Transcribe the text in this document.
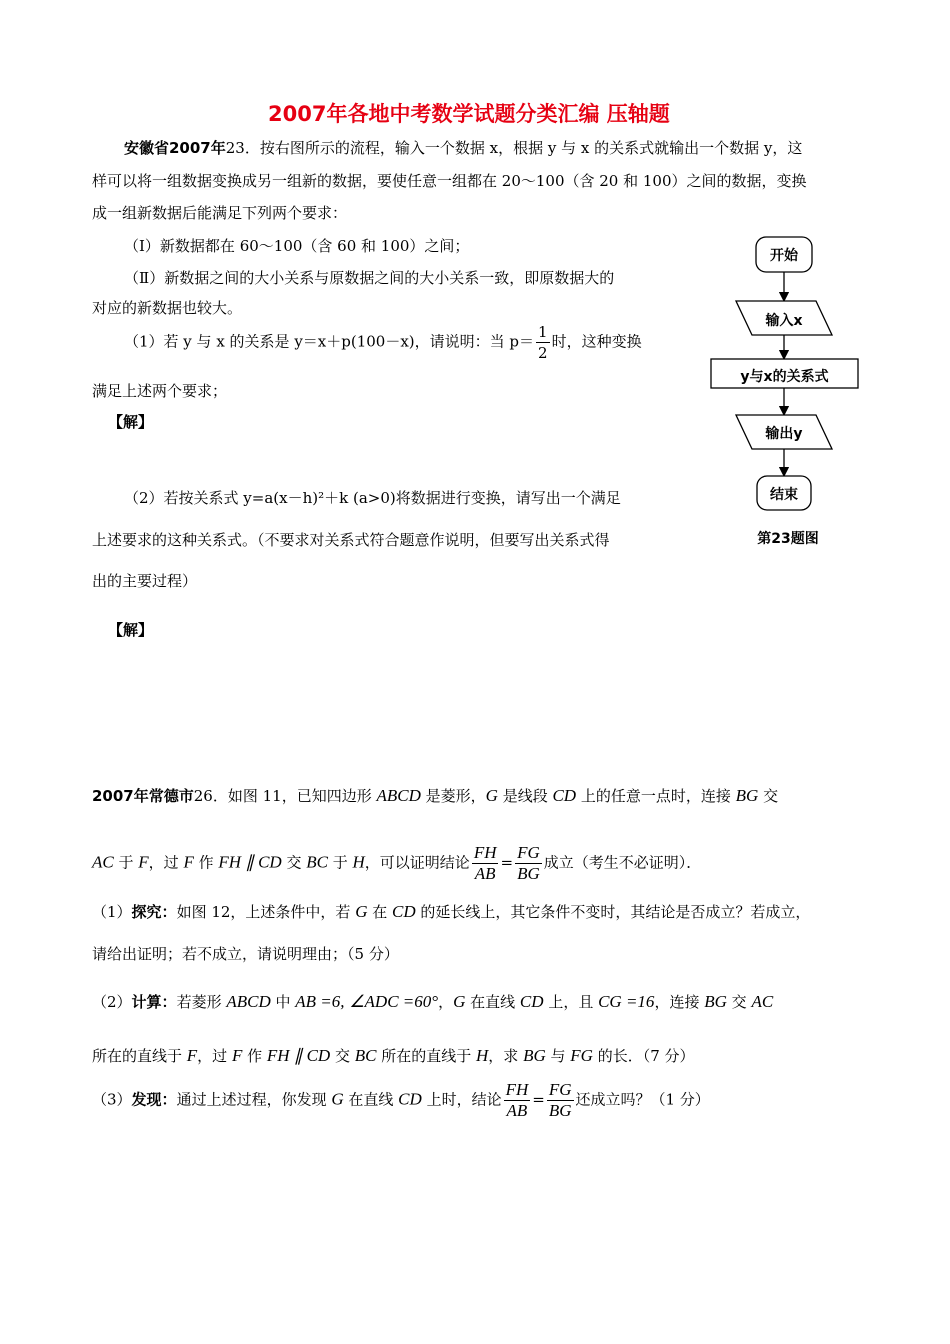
2007年各地中考数学试题分类汇编 压轴题
安徽省2007年23．按右图所示的流程，输入一个数据 x，根据 y 与 x 的关系式就输出一个数据 y，这
样可以将一组数据变换成另一组新的数据，要使任意一组都在 20～100（含 20 和 100）之间的数据，变换
成一组新数据后能满足下列两个要求：
（Ⅰ）新数据都在 60～100（含 60 和 100）之间；
（Ⅱ）新数据之间的大小关系与原数据之间的大小关系一致，即原数据大的
对应的新数据也较大。
（1）若 y 与 x 的关系是 y＝x＋p(100－x)，请说明：当 $p= \frac{1}{2}$ 时，这种变换
满足上述两个要求；
【解】
（2）若按关系式 y=a(x－h)²＋k (a>0)将数据进行变换，请写出一个满足
上述要求的这种关系式。（不要求对关系式符合题意作说明，但要写出关系式得
出的主要过程）
【解】
开始
输入x
y与x的关系式
输出y
结束
第23题图
2007年常德市26．如图 11，已知四边形 ABCD 是菱形，G 是线段 CD 上的任意一点时，连接 BG 交
AC 于 F，过 F 作 FH ∥ CD 交 BC 于 H，可以证明结论 $\frac{FH}{AB} = \frac{FG}{BG}$ 成立（考生不必证明）．
（1）探究：如图 12，上述条件中，若 G 在 CD 的延长线上，其它条件不变时，其结论是否成立？若成立，
请给出证明；若不成立，请说明理由；（5 分）
（2）计算：若菱形 ABCD 中 AB =6, ∠ADC =60°，G 在直线 CD 上，且 CG =16，连接 BG 交 AC
所在的直线于 F，过 F 作 FH ∥ CD 交 BC 所在的直线于 H，求 BG 与 FG 的长．（7 分）
（3）发现：通过上述过程，你发现 G 在直线 CD 上时，结论 $\frac{FH}{AB} = \frac{FG}{BG}$ 还成立吗？（1 分）
